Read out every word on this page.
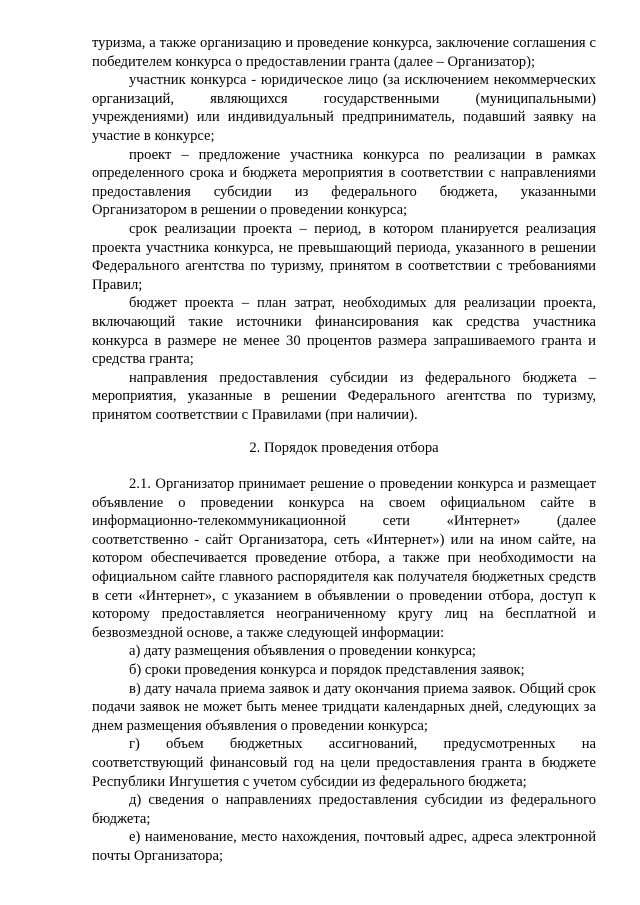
туризма, а также организацию и проведение конкурса, заключение соглашения с победителем конкурса о предоставлении гранта (далее – Организатор);

участник конкурса - юридическое лицо (за исключением некоммерческих организаций, являющихся государственными (муниципальными) учреждениями) или индивидуальный предприниматель, подавший заявку на участие в конкурсе;

проект – предложение участника конкурса по реализации в рамках определенного срока и бюджета мероприятия в соответствии с направлениями предоставления субсидии из федерального бюджета, указанными Организатором в решении о проведении конкурса;

срок реализации проекта – период, в котором планируется реализация проекта участника конкурса, не превышающий периода, указанного в решении Федерального агентства по туризму, принятом в соответствии с требованиями Правил;

бюджет проекта – план затрат, необходимых для реализации проекта, включающий такие источники финансирования как средства участника конкурса в размере не менее 30 процентов размера запрашиваемого гранта и средства гранта;

направления предоставления субсидии из федерального бюджета – мероприятия, указанные в решении Федерального агентства по туризму, принятом соответствии с Правилами (при наличии).

2. Порядок проведения отбора

2.1. Организатор принимает решение о проведении конкурса и размещает объявление о проведении конкурса на своем официальном сайте в информационно-телекоммуникационной сети «Интернет» (далее соответственно - сайт Организатора, сеть «Интернет») или на ином сайте, на котором обеспечивается проведение отбора, а также при необходимости на официальном сайте главного распорядителя как получателя бюджетных средств в сети «Интернет», с указанием в объявлении о проведении отбора, доступ к которому предоставляется неограниченному кругу лиц на бесплатной и безвозмездной основе, а также следующей информации:

а) дату размещения объявления о проведении конкурса;

б) сроки проведения конкурса и порядок представления заявок;

в) дату начала приема заявок и дату окончания приема заявок. Общий срок подачи заявок не может быть менее тридцати календарных дней, следующих за днем размещения объявления о проведении конкурса;

г) объем бюджетных ассигнований, предусмотренных на соответствующий финансовый год на цели предоставления гранта в бюджете Республики Ингушетия с учетом субсидии из федерального бюджета;

д) сведения о направлениях предоставления субсидии из федерального бюджета;

е) наименование, место нахождения, почтовый адрес, адреса электронной почты Организатора;
